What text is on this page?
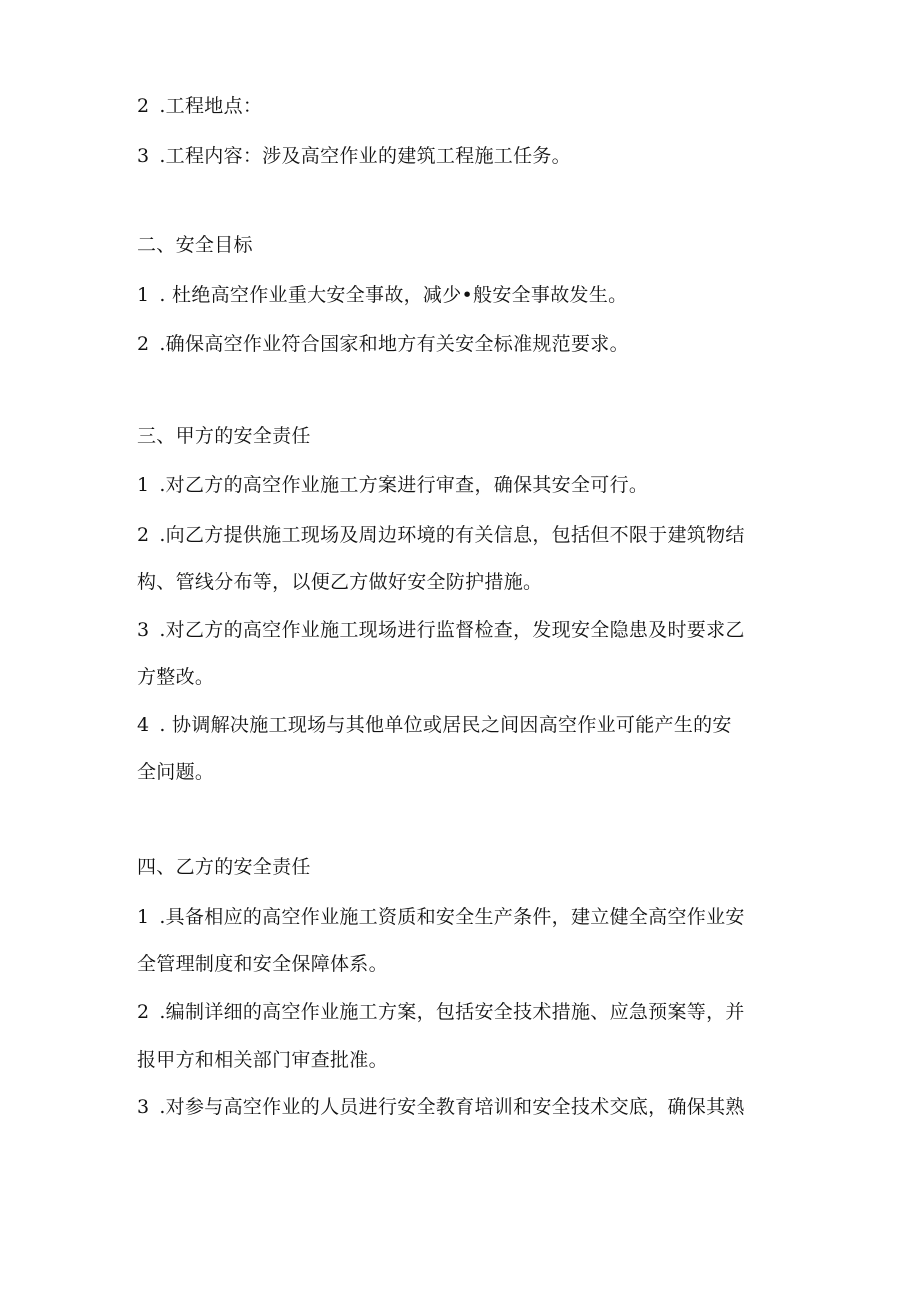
2 .工程地点：
3 .工程内容：涉及高空作业的建筑工程施工任务。
二、安全目标
1 . 杜绝高空作业重大安全事故，减少•般安全事故发生。
2 .确保高空作业符合国家和地方有关安全标准规范要求。
三、甲方的安全责任
1 .对乙方的高空作业施工方案进行审查，确保其安全可行。
2 .向乙方提供施工现场及周边环境的有关信息，包括但不限于建筑物结
构、管线分布等，以便乙方做好安全防护措施。
3 .对乙方的高空作业施工现场进行监督检查，发现安全隐患及时要求乙
方整改。
4 . 协调解决施工现场与其他单位或居民之间因高空作业可能产生的安
全问题。
四、乙方的安全责任
1 .具备相应的高空作业施工资质和安全生产条件，建立健全高空作业安
全管理制度和安全保障体系。
2 .编制详细的高空作业施工方案，包括安全技术措施、应急预案等，并
报甲方和相关部门审查批准。
3 .对参与高空作业的人员进行安全教育培训和安全技术交底，确保其熟
